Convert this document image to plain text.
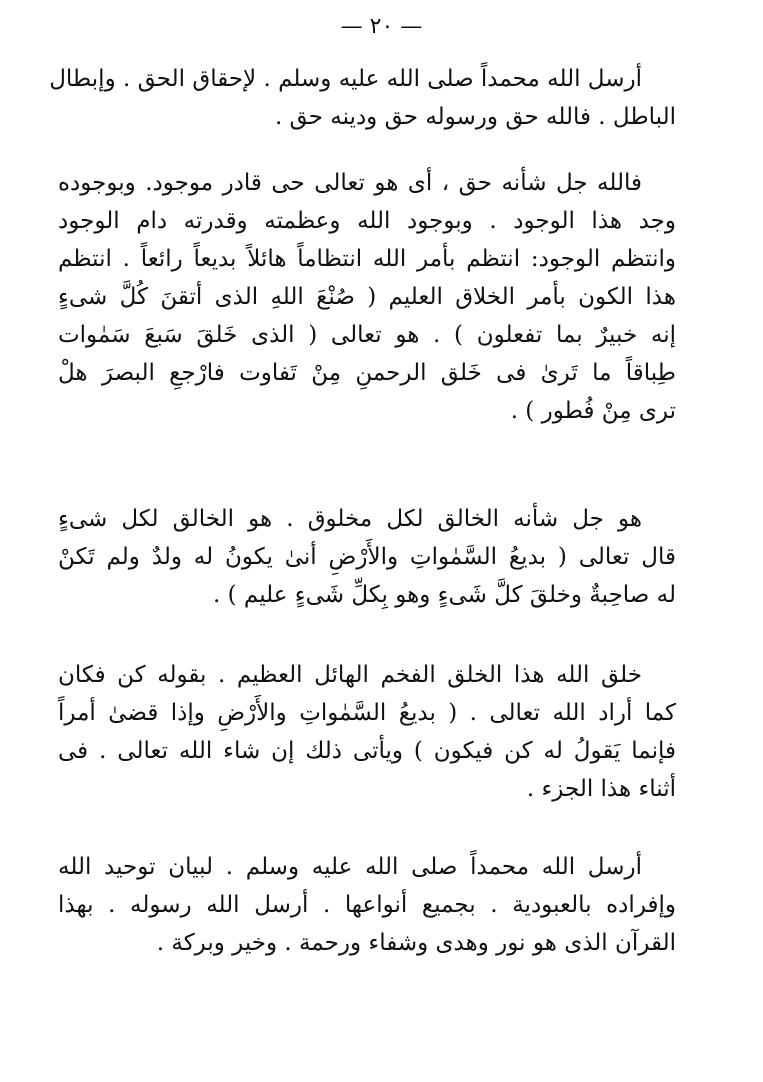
— ٢٠ —
أرسل الله محمداً صلى الله عليه وسلم . لإحقاق الحق . وإبطال
الباطل . فالله حق ورسوله حق ودينه حق .
فالله جل شأنه حق ، أى هو تعالى حى قادر موجود. وبوجوده
وجد هذا الوجود . وبوجود الله وعظمته وقدرته دام الوجود
وانتظم الوجود: انتظم بأمر الله انتظاماً هائلاً بديعاً رائعاً . انتظم
هذا الكون بأمر الخلاق العليم ( صُنْعَ اللهِ الذى أتقنَ كُلَّ شىءٍ
إنه خبيرٌ بما تفعلون ) . هو تعالى ( الذى خَلقَ سَبعَ سَمٰوات
طِباقاً ما تَرىٰ فى خَلق الرحمنِ مِنْ تَفاوت فارْجعِ البصرَ هلْ
ترى مِنْ فُطور ) .
هو جل شأنه الخالق لكل مخلوق . هو الخالق لكل شىءٍ
قال تعالى ( بديعُ السَّمٰواتِ والأَرْضِ أنىٰ يكونُ له ولدٌ ولم تَكنْ
له صاحِبةٌ وخلقَ كلَّ شَىءٍ وهو بِكلِّ شَىءٍ عليم ) .
خلق الله هذا الخلق الفخم الهائل العظيم . بقوله كن فكان
كما أراد الله تعالى . ( بديعُ السَّمٰواتِ والأَرْضِ وإذا قضىٰ أمراً
فإنما يَقولُ له كن فيكون ) ويأتى ذلك إن شاء الله تعالى . فى
أثناء هذا الجزء .
أرسل الله محمداً صلى الله عليه وسلم . لبيان توحيد الله
وإفراده بالعبودية . بجميع أنواعها . أرسل الله رسوله . بهذا
القرآن الذى هو نور وهدى وشفاء ورحمة . وخير وبركة .
